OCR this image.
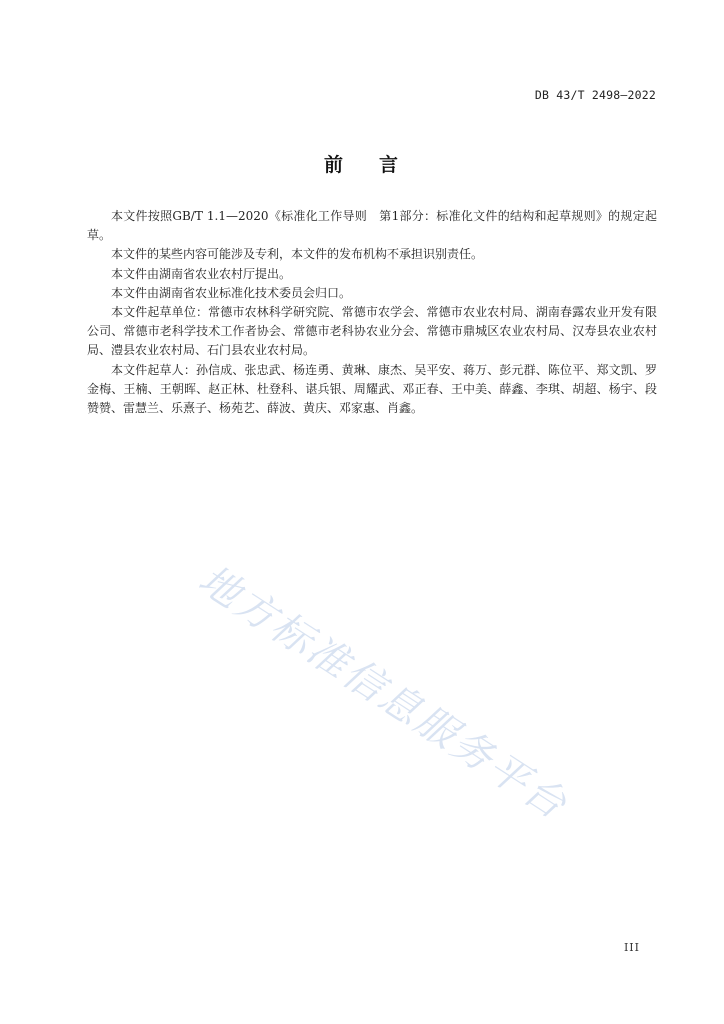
DB 43/T 2498—2022
前 言

本文件按照GB/T 1.1—2020《标准化工作导则　第1部分：标准化文件的结构和起草规则》的规定起草。

本文件的某些内容可能涉及专利，本文件的发布机构不承担识别责任。

本文件由湖南省农业农村厅提出。

本文件由湖南省农业标准化技术委员会归口。

本文件起草单位：常德市农林科学研究院、常德市农学会、常德市农业农村局、湖南春露农业开发有限公司、常德市老科学技术工作者协会、常德市老科协农业分会、常德市鼎城区农业农村局、汉寿县农业农村局、澧县农业农村局、石门县农业农村局。

本文件起草人：孙信成、张忠武、杨连勇、黄琳、康杰、吴平安、蒋万、彭元群、陈位平、郑文凯、罗金梅、王楠、王朝晖、赵正林、杜登科、谌兵银、周耀武、邓正春、王中美、薛鑫、李琪、胡超、杨宇、段赞赞、雷慧兰、乐熹子、杨苑艺、薛波、黄庆、邓家惠、肖鑫。

地方标准信息服务平台
III
